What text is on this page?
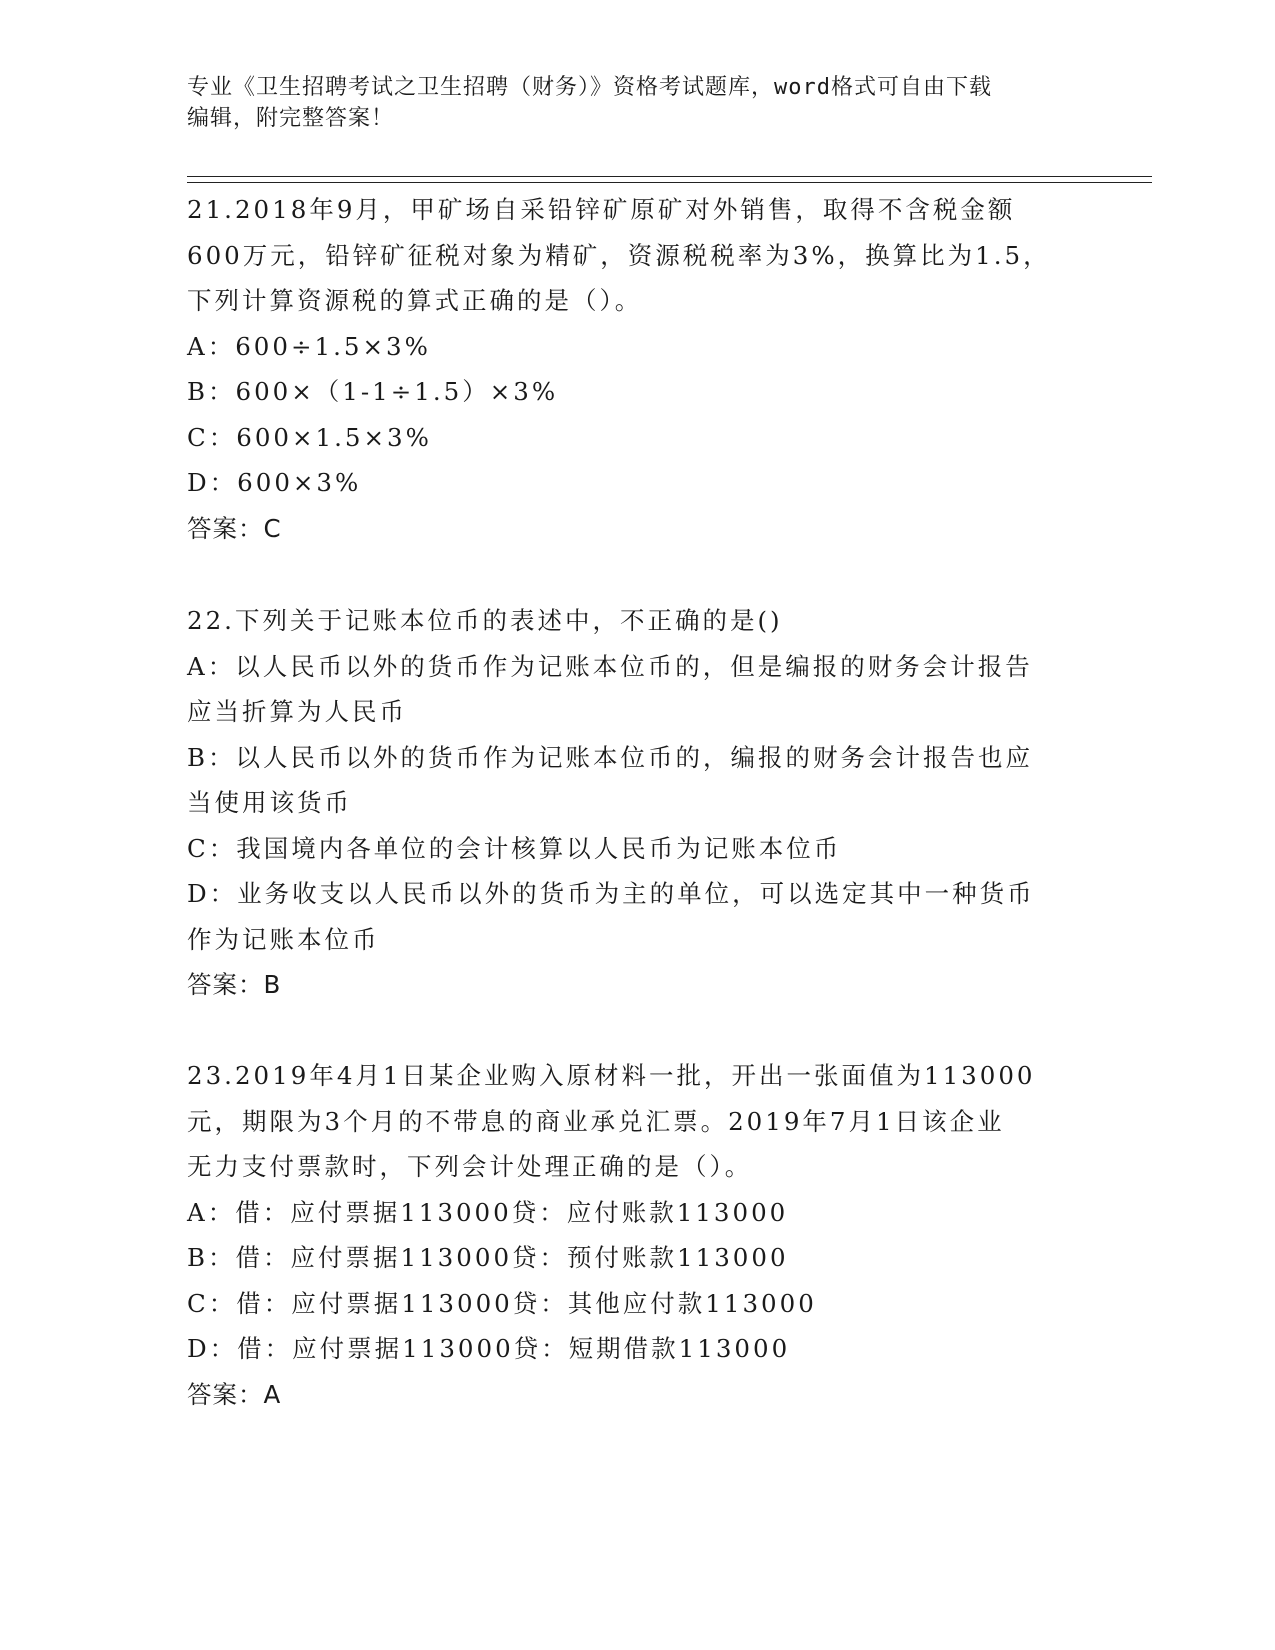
专业《卫生招聘考试之卫生招聘（财务）》资格考试题库，word格式可自由下载
编辑，附完整答案！
21.2018年9月，甲矿场自采铅锌矿原矿对外销售，取得不含税金额
600万元，铅锌矿征税对象为精矿，资源税税率为3%，换算比为1.5，
下列计算资源税的算式正确的是（）。
A：600÷1.5×3%
B：600×（1-1÷1.5）×3%
C：600×1.5×3%
D：600×3%
答案：C
22.下列关于记账本位币的表述中，不正确的是()
A：以人民币以外的货币作为记账本位币的，但是编报的财务会计报告
应当折算为人民币
B：以人民币以外的货币作为记账本位币的，编报的财务会计报告也应
当使用该货币
C：我国境内各单位的会计核算以人民币为记账本位币
D：业务收支以人民币以外的货币为主的单位，可以选定其中一种货币
作为记账本位币
答案：B
23.2019年4月1日某企业购入原材料一批，开出一张面值为113000
元，期限为3个月的不带息的商业承兑汇票。2019年7月1日该企业
无力支付票款时，下列会计处理正确的是（）。
A：借：应付票据113000贷：应付账款113000
B：借：应付票据113000贷：预付账款113000
C：借：应付票据113000贷：其他应付款113000
D：借：应付票据113000贷：短期借款113000
答案：A
